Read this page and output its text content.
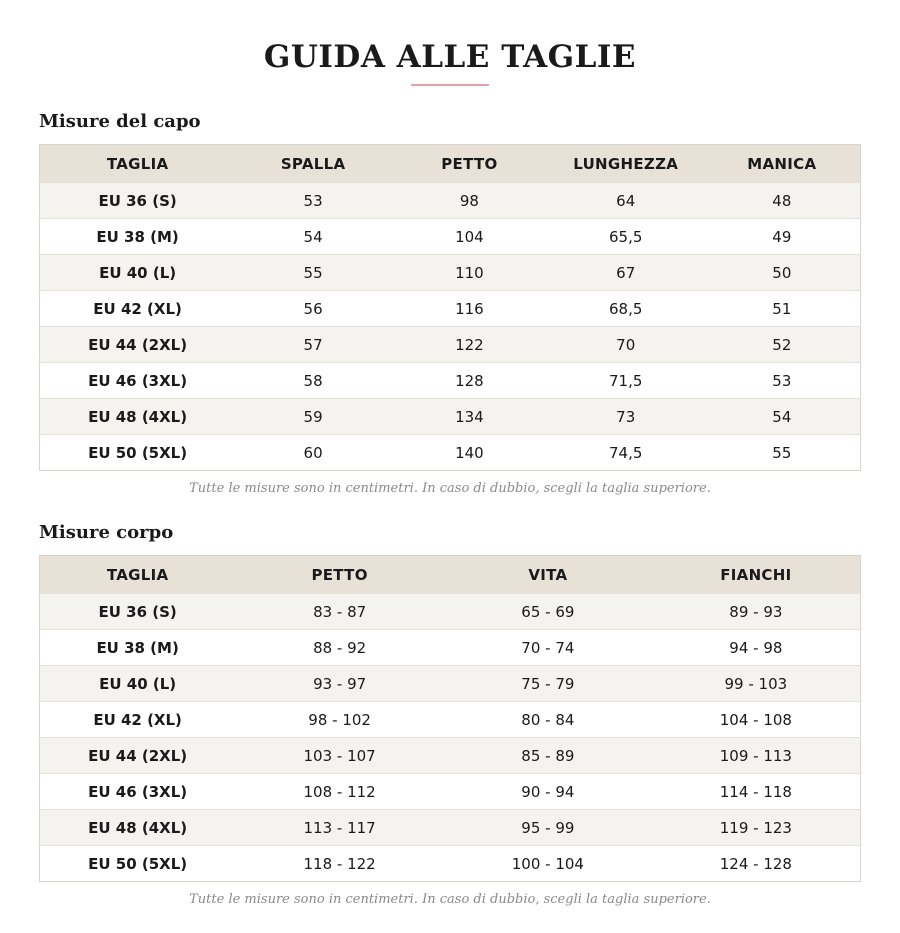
GUIDA ALLE TAGLIE
Misure del capo
TAGLIA	SPALLA	PETTO	LUNGHEZZA	MANICA
EU 36 (S)	53	98	64	48
EU 38 (M)	54	104	65,5	49
EU 40 (L)	55	110	67	50
EU 42 (XL)	56	116	68,5	51
EU 44 (2XL)	57	122	70	52
EU 46 (3XL)	58	128	71,5	53
EU 48 (4XL)	59	134	73	54
EU 50 (5XL)	60	140	74,5	55
Tutte le misure sono in centimetri. In caso di dubbio, scegli la taglia superiore.
Misure corpo
TAGLIA	PETTO	VITA	FIANCHI
EU 36 (S)	83 - 87	65 - 69	89 - 93
EU 38 (M)	88 - 92	70 - 74	94 - 98
EU 40 (L)	93 - 97	75 - 79	99 - 103
EU 42 (XL)	98 - 102	80 - 84	104 - 108
EU 44 (2XL)	103 - 107	85 - 89	109 - 113
EU 46 (3XL)	108 - 112	90 - 94	114 - 118
EU 48 (4XL)	113 - 117	95 - 99	119 - 123
EU 50 (5XL)	118 - 122	100 - 104	124 - 128
Tutte le misure sono in centimetri. In caso di dubbio, scegli la taglia superiore.
